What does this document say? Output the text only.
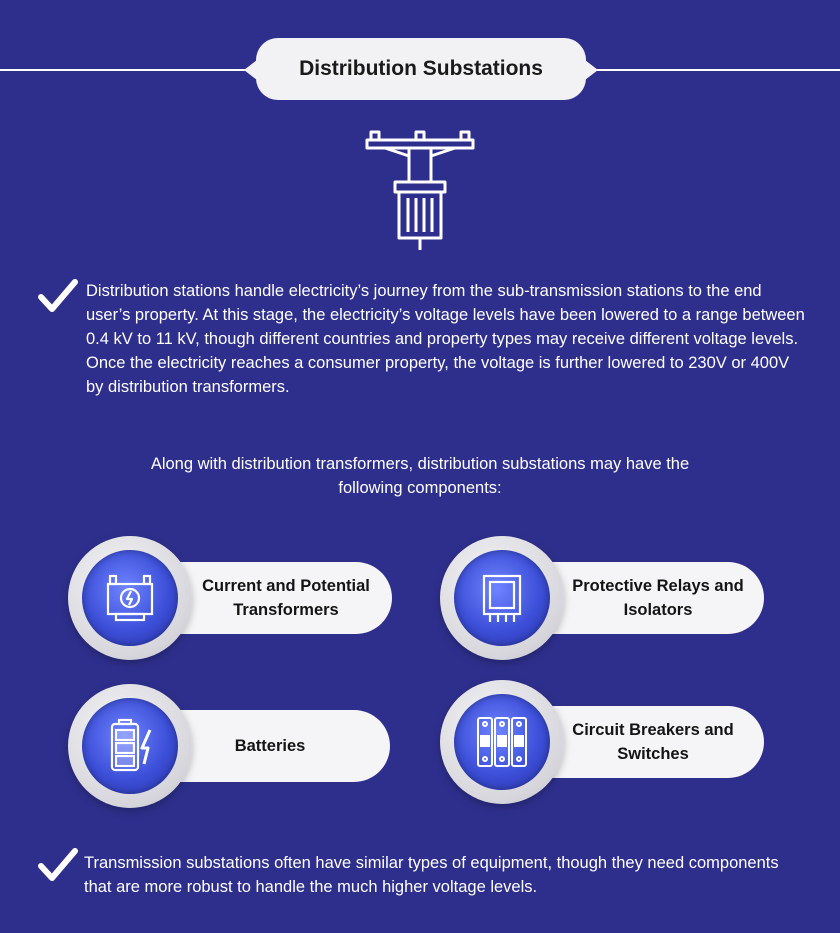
Distribution Substations
Distribution stations handle electricity’s journey from the sub-transmission stations to the end user’s property. At this stage, the electricity’s voltage levels have been lowered to a range between 0.4 kV to 11 kV, though different countries and property types may receive different voltage levels. Once the electricity reaches a consumer property, the voltage is further lowered to 230V or 400V by distribution transformers.
Along with distribution transformers, distribution substations may have the following components:
Current and Potential Transformers
Protective Relays and Isolators
Batteries
Circuit Breakers and Switches
Transmission substations often have similar types of equipment, though they need components that are more robust to handle the much higher voltage levels.
